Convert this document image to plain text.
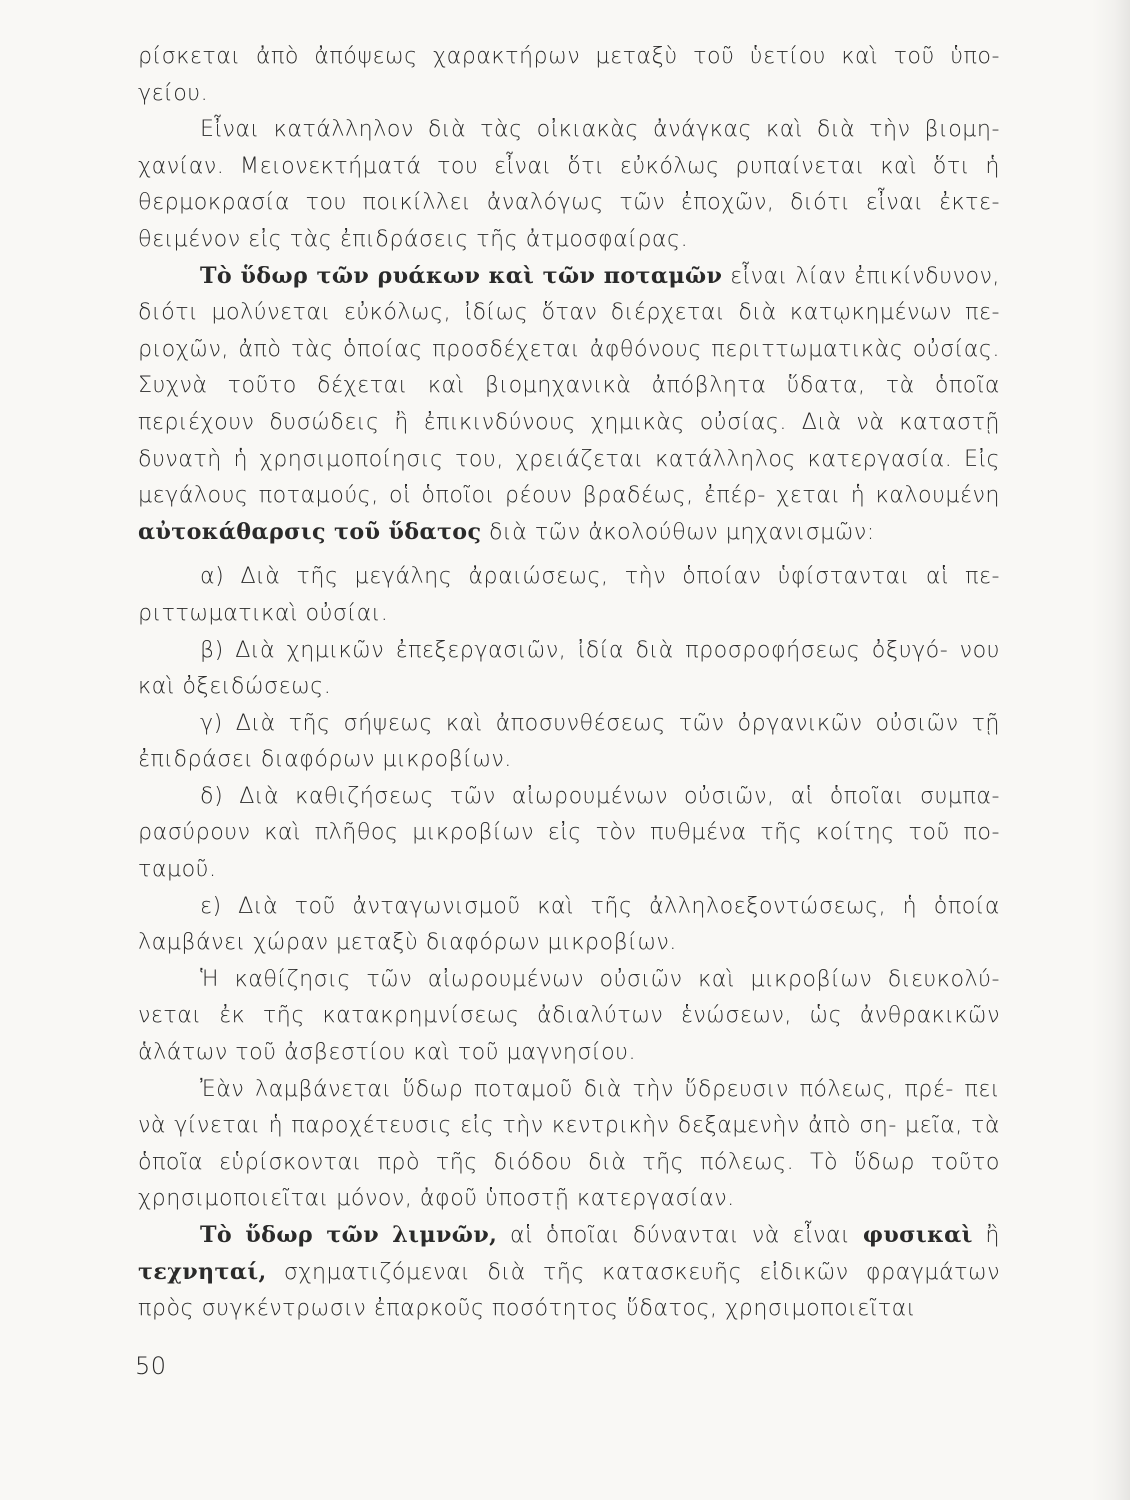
ρίσκεται ἀπὸ ἀπόψεως χαρακτήρων μεταξὺ τοῦ ὑετίου καὶ τοῦ ὑπο- γείου.

Εἶναι κατάλληλον διὰ τὰς οἰκιακὰς ἀνάγκας καὶ διὰ τὴν βιομη- χανίαν. Μειονεκτήματά του εἶναι ὅτι εὐκόλως ρυπαίνεται καὶ ὅτι ἡ θερμοκρασία του ποικίλλει ἀναλόγως τῶν ἐποχῶν, διότι εἶναι ἐκτε- θειμένον εἰς τὰς ἐπιδράσεις τῆς ἀτμοσφαίρας.

Τὸ ὕδωρ τῶν ρυάκων καὶ τῶν ποταμῶν εἶναι λίαν ἐπικίνδυνον, διότι μολύνεται εὐκόλως, ἰδίως ὅταν διέρχεται διὰ κατῳκημένων πε- ριοχῶν, ἀπὸ τὰς ὁποίας προσδέχεται ἀφθόνους περιττωματικὰς οὐσίας. Συχνὰ τοῦτο δέχεται καὶ βιομηχανικὰ ἀπόβλητα ὕδατα, τὰ ὁποῖα περιέχουν δυσώδεις ἢ ἐπικινδύνους χημικὰς οὐσίας. Διὰ νὰ καταστῇ δυνατὴ ἡ χρησιμοποίησις του, χρειάζεται κατάλληλος κατεργασία. Εἰς μεγάλους ποταμούς, οἱ ὁποῖοι ρέουν βραδέως, ἐπέρ- χεται ἡ καλουμένη αὐτοκάθαρσις τοῦ ὕδατος διὰ τῶν ἀκολούθων μηχανισμῶν:

α) Διὰ τῆς μεγάλης ἀραιώσεως, τὴν ὁποίαν ὑφίστανται αἱ πε- ριττωματικαὶ οὐσίαι.

β) Διὰ χημικῶν ἐπεξεργασιῶν, ἰδία διὰ προσροφήσεως ὀξυγό- νου καὶ ὀξειδώσεως.

γ) Διὰ τῆς σήψεως καὶ ἀποσυνθέσεως τῶν ὀργανικῶν οὐσιῶν τῇ ἐπιδράσει διαφόρων μικροβίων.

δ) Διὰ καθιζήσεως τῶν αἰωρουμένων οὐσιῶν, αἱ ὁποῖαι συμπα- ρασύρουν καὶ πλῆθος μικροβίων εἰς τὸν πυθμένα τῆς κοίτης τοῦ πο- ταμοῦ.

ε) Διὰ τοῦ ἀνταγωνισμοῦ καὶ τῆς ἀλληλοεξοντώσεως, ἡ ὁποία λαμβάνει χώραν μεταξὺ διαφόρων μικροβίων.

Ἡ καθίζησις τῶν αἰωρουμένων οὐσιῶν καὶ μικροβίων διευκολύ- νεται ἐκ τῆς κατακρημνίσεως ἀδιαλύτων ἑνώσεων, ὡς ἀνθρακικῶν ἁλάτων τοῦ ἀσβεστίου καὶ τοῦ μαγνησίου.

Ἐὰν λαμβάνεται ὕδωρ ποταμοῦ διὰ τὴν ὕδρευσιν πόλεως, πρέ- πει νὰ γίνεται ἡ παροχέτευσις εἰς τὴν κεντρικὴν δεξαμενὴν ἀπὸ ση- μεῖα, τὰ ὁποῖα εὑρίσκονται πρὸ τῆς διόδου διὰ τῆς πόλεως. Τὸ ὕδωρ τοῦτο χρησιμοποιεῖται μόνον, ἀφοῦ ὑποστῇ κατεργασίαν.

Τὸ ὕδωρ τῶν λιμνῶν, αἱ ὁποῖαι δύνανται νὰ εἶναι φυσικαὶ ἢ τεχνηταί, σχηματιζόμεναι διὰ τῆς κατασκευῆς εἰδικῶν φραγμάτων πρὸς συγκέντρωσιν ἐπαρκοῦς ποσότητος ὕδατος, χρησιμοποιεῖται

50
